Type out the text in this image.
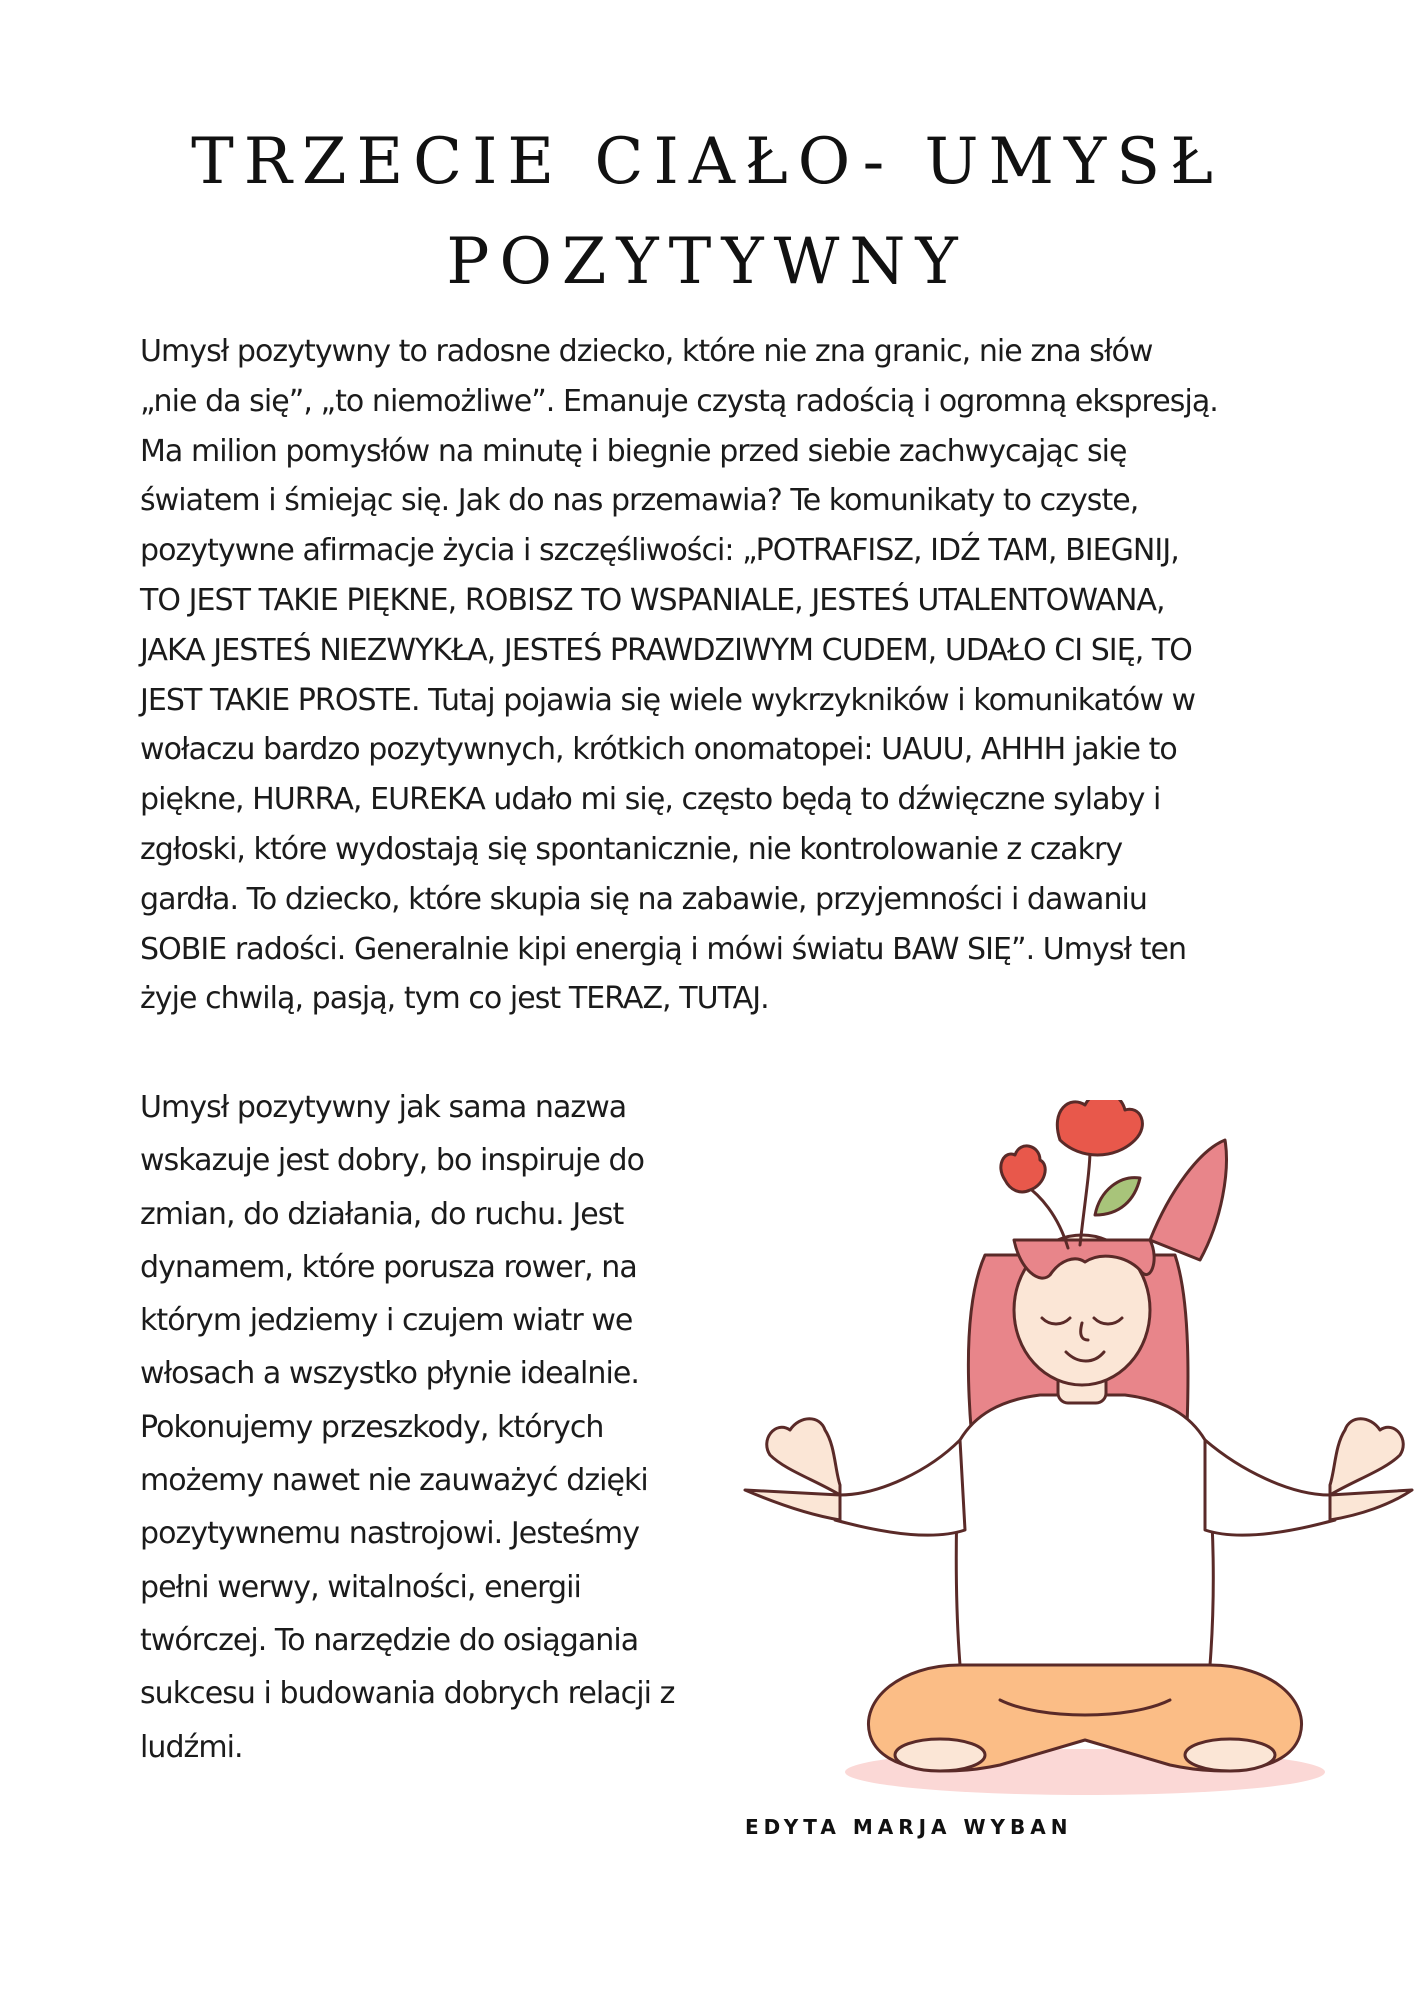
TRZECIE CIAŁO- UMYSŁ
POZYTYWNY
Umysł pozytywny to radosne dziecko, które nie zna granic, nie zna słów
„nie da się”, „to niemożliwe”. Emanuje czystą radością i ogromną ekspresją.
Ma milion pomysłów na minutę i biegnie przed siebie zachwycając się
światem i śmiejąc się. Jak do nas przemawia? Te komunikaty to czyste,
pozytywne afirmacje życia i szczęśliwości: „POTRAFISZ, IDŹ TAM, BIEGNIJ,
TO JEST TAKIE PIĘKNE, ROBISZ TO WSPANIALE, JESTEŚ UTALENTOWANA,
JAKA JESTEŚ NIEZWYKŁA, JESTEŚ PRAWDZIWYM CUDEM, UDAŁO CI SIĘ, TO
JEST TAKIE PROSTE. Tutaj pojawia się wiele wykrzykników i komunikatów w
wołaczu bardzo pozytywnych, krótkich onomatopei: UAUU, AHHH jakie to
piękne, HURRA, EUREKA udało mi się, często będą to dźwięczne sylaby i
zgłoski, które wydostają się spontanicznie, nie kontrolowanie z czakry
gardła. To dziecko, które skupia się na zabawie, przyjemności i dawaniu
SOBIE radości. Generalnie kipi energią i mówi światu BAW SIĘ”. Umysł ten
żyje chwilą, pasją, tym co jest TERAZ, TUTAJ.
Umysł pozytywny jak sama nazwa
wskazuje jest dobry, bo inspiruje do
zmian, do działania, do ruchu. Jest
dynamem, które porusza rower, na
którym jedziemy i czujem wiatr we
włosach a wszystko płynie idealnie.
Pokonujemy przeszkody, których
możemy nawet nie zauważyć dzięki
pozytywnemu nastrojowi. Jesteśmy
pełni werwy, witalności, energii
twórczej. To narzędzie do osiągania
sukcesu i budowania dobrych relacji z
ludźmi.
EDYTA MARJA WYBAN
